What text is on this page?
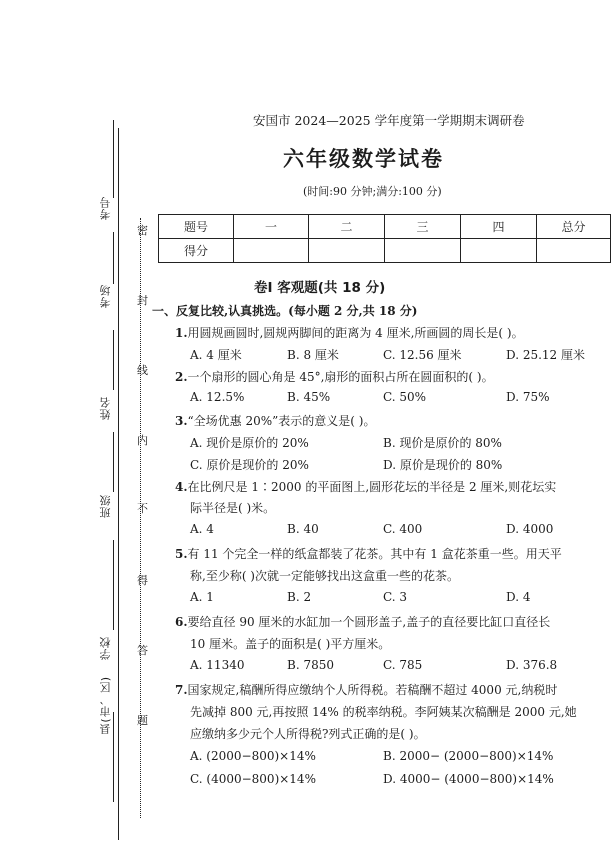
考号
考场
姓名
班级
学校
县(市、区)
密
封
线
内
不
得
答
题
安国市 2024—2025 学年度第一学期期末调研卷
六年级数学试卷
(时间:90 分钟;满分:100 分)
题号	一	二	三	四	总分
得分					
卷Ⅰ 客观题(共 18 分)
一、反复比较,认真挑选。(每小题 2 分,共 18 分)
1.用圆规画圆时,圆规两脚间的距离为 4 厘米,所画圆的周长是( )。
A. 4 厘米	B. 8 厘米	C. 12.56 厘米	D. 25.12 厘米
2.一个扇形的圆心角是 45°,扇形的面积占所在圆面积的( )。
A. 12.5%	B. 45%	C. 50%	D. 75%
3.“全场优惠 20%”表示的意义是( )。
A. 现价是原价的 20%	B. 现价是原价的 80%
C. 原价是现价的 20%	D. 原价是现价的 80%
4.在比例尺是 1∶2000 的平面图上,圆形花坛的半径是 2 厘米,则花坛实
际半径是( )米。
A. 4	B. 40	C. 400	D. 4000
5.有 11 个完全一样的纸盒都装了花茶。其中有 1 盒花茶重一些。用天平
称,至少称( )次就一定能够找出这盒重一些的花茶。
A. 1	B. 2	C. 3	D. 4
6.要给直径 90 厘米的水缸加一个圆形盖子,盖子的直径要比缸口直径长
10 厘米。盖子的面积是( )平方厘米。
A. 11340	B. 7850	C. 785	D. 376.8
7.国家规定,稿酬所得应缴纳个人所得税。若稿酬不超过 4000 元,纳税时
先减掉 800 元,再按照 14% 的税率纳税。李阿姨某次稿酬是 2000 元,她
应缴纳多少元个人所得税?列式正确的是( )。
A. (2000−800)×14%	B. 2000− (2000−800)×14%
C. (4000−800)×14%	D. 4000− (4000−800)×14%
